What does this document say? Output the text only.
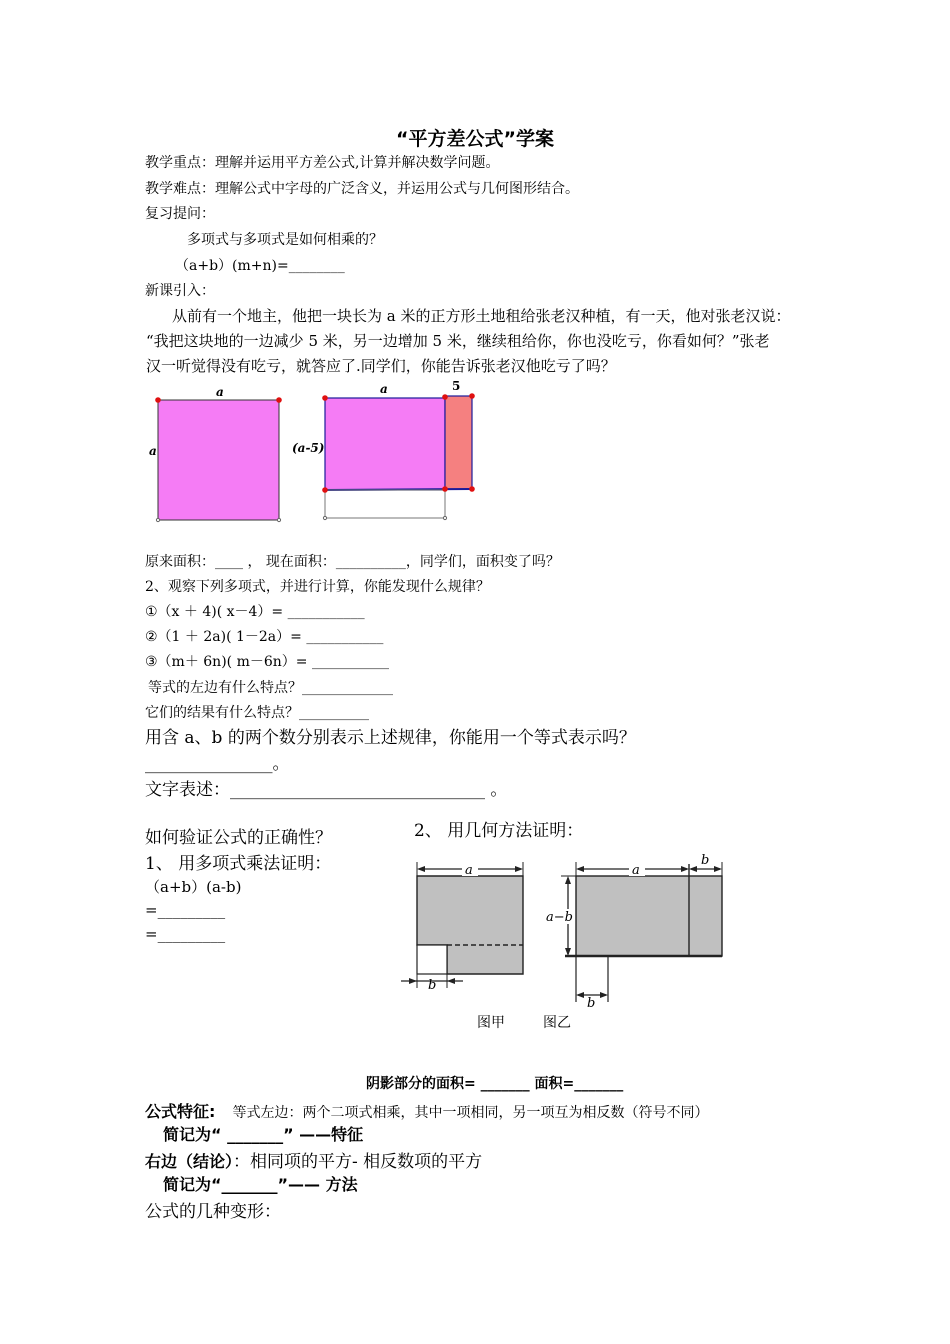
“平方差公式”学案
教学重点：理解并运用平方差公式,计算并解决数学问题。
教学难点：理解公式中字母的广泛含义，并运用公式与几何图形结合。
复习提问：
多项式与多项式是如何相乘的？
（a+b）(m+n)=________
新课引入：
从前有一个地主，他把一块长为 a 米的正方形土地租给张老汉种植，有一天，他对张老汉说：
“我把这块地的一边减少 5 米，另一边增加 5 米，继续租给你，你也没吃亏，你看如何？”张老
汉一听觉得没有吃亏，就答应了.同学们，你能告诉张老汉他吃亏了吗？
a
a
a	5
(a-5)
原来面积：____ ， 现在面积：__________，同学们，面积变了吗？
2、观察下列多项式，并进行计算，你能发现什么规律？
①（x ＋ 4)( x－4）= ___________
②（1 ＋ 2a)( 1－2a）= ___________
③（m＋ 6n)( m－6n）= ___________
等式的左边有什么特点？_____________
它们的结果有什么特点？__________
用含 a、b 的两个数分别表示上述规律，你能用一个等式表示吗？
_______________。
文字表述：______________________________ 。
如何验证公式的正确性？
1、 用多项式乘法证明：
（a+b）(a-b)
=_________
=_________
2、 用几何方法证明：
a
b
a
b
a−b
b
图甲	图乙
阴影部分的面积= _______ 面积=_______
公式特征: 等式左边：两个二项式相乘，其中一项相同，另一项互为相反数（符号不同）
简记为“ _______” ——特征
右边（结论）：相同项的平方- 相反数项的平方
简记为“_______”—— 方法
公式的几种变形：
